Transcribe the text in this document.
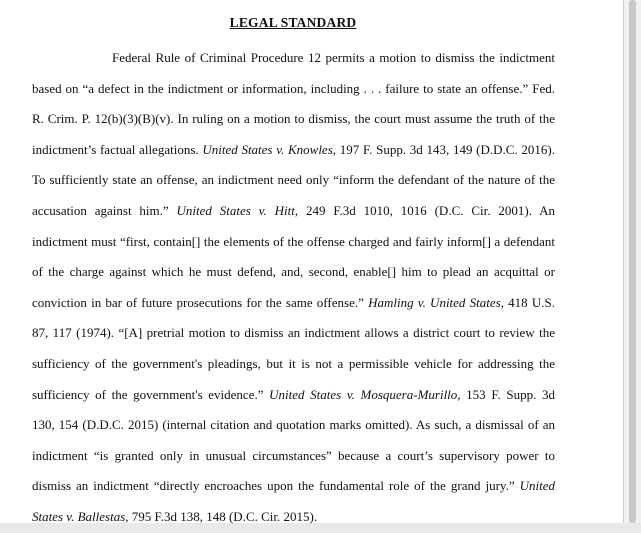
LEGAL STANDARD
Federal Rule of Criminal Procedure 12 permits a motion to dismiss the indictment
based on “a defect in the indictment or information, including . . . failure to state an offense.” Fed.
R. Crim. P. 12(b)(3)(B)(v). In ruling on a motion to dismiss, the court must assume the truth of the
indictment’s factual allegations. United States v. Knowles, 197 F. Supp. 3d 143, 149 (D.D.C. 2016).
To sufficiently state an offense, an indictment need only “inform the defendant of the nature of the
accusation against him.” United States v. Hitt, 249 F.3d 1010, 1016 (D.C. Cir. 2001). An
indictment must “first, contain[] the elements of the offense charged and fairly inform[] a defendant
of the charge against which he must defend, and, second, enable[] him to plead an acquittal or
conviction in bar of future prosecutions for the same offense.” Hamling v. United States, 418 U.S.
87, 117 (1974). “[A] pretrial motion to dismiss an indictment allows a district court to review the
sufficiency of the government's pleadings, but it is not a permissible vehicle for addressing the
sufficiency of the government's evidence.” United States v. Mosquera-Murillo, 153 F. Supp. 3d
130, 154 (D.D.C. 2015) (internal citation and quotation marks omitted). As such, a dismissal of an
indictment “is granted only in unusual circumstances” because a court’s supervisory power to
dismiss an indictment “directly encroaches upon the fundamental role of the grand jury.” United
States v. Ballestas, 795 F.3d 138, 148 (D.C. Cir. 2015).
